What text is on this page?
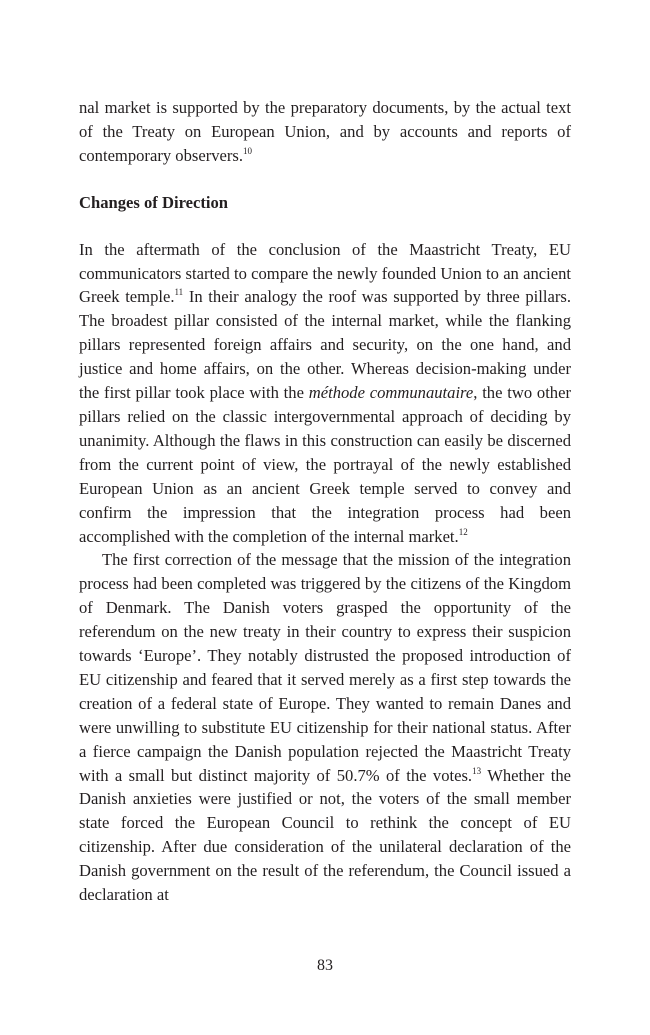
nal market is supported by the preparatory documents, by the actual text of the Treaty on European Union, and by accounts and reports of contemporary observers.$^{10}$

Changes of Direction

In the aftermath of the conclusion of the Maastricht Treaty, EU communicators started to compare the newly founded Union to an ancient Greek temple.$^{11}$ In their analogy the roof was supported by three pillars. The broadest pillar consisted of the internal market, while the flanking pillars represented foreign affairs and security, on the one hand, and justice and home affairs, on the other. Whereas decision-making under the first pillar took place with the méthode communautaire, the two other pillars relied on the classic intergovernmental approach of deciding by unanimity. Although the flaws in this construction can easily be discerned from the current point of view, the portrayal of the newly established European Union as an ancient Greek temple served to convey and confirm the impression that the integration process had been accomplished with the completion of the internal market.$^{12}$

The first correction of the message that the mission of the integration process had been completed was triggered by the citizens of the Kingdom of Denmark. The Danish voters grasped the opportunity of the referendum on the new treaty in their country to express their suspicion towards ‘Europe’. They notably distrusted the proposed introduction of EU citizenship and feared that it served merely as a first step towards the creation of a federal state of Europe. They wanted to remain Danes and were unwilling to substitute EU citizenship for their national status. After a fierce campaign the Danish population rejected the Maastricht Treaty with a small but distinct majority of 50.7% of the votes.$^{13}$ Whether the Danish anxieties were justified or not, the voters of the small member state forced the European Council to rethink the concept of EU citizenship. After due consideration of the unilateral declaration of the Danish government on the result of the referendum, the Council issued a declaration at

83
